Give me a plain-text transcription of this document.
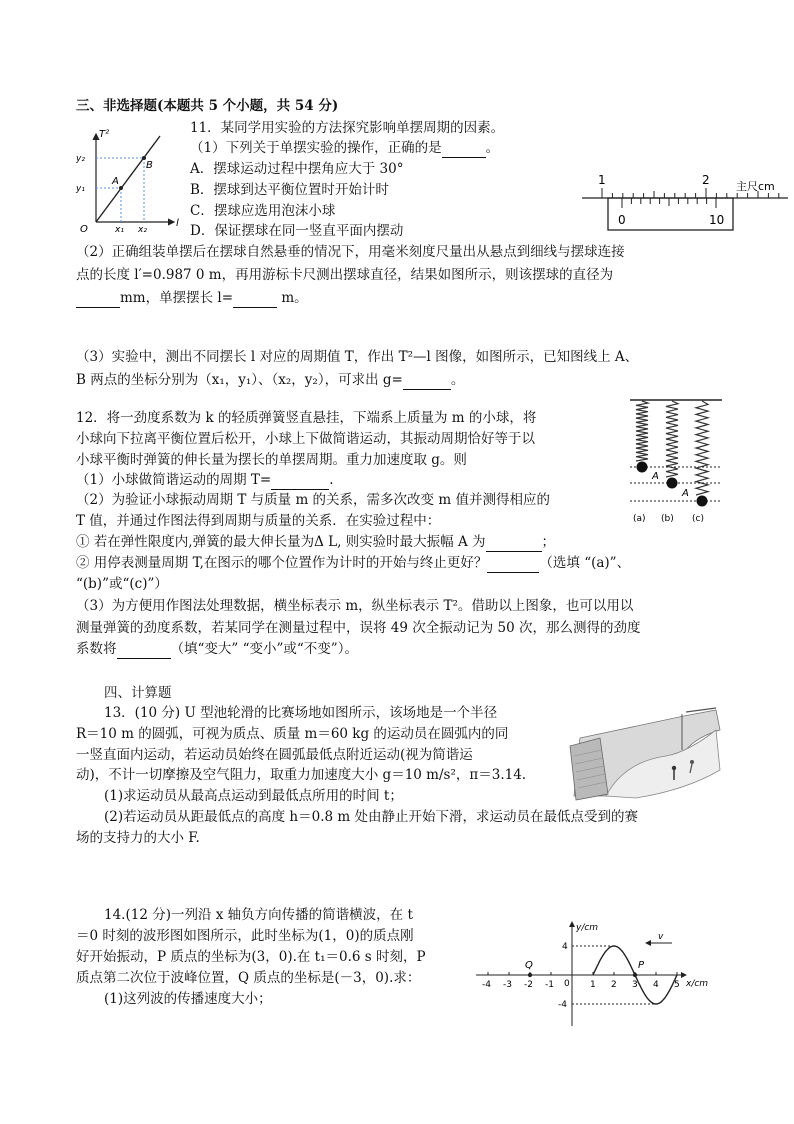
三、非选择题(本题共 5 个小题，共 54 分)
T²
l
O
y₂
y₁
x₁ x₂
A
B
11．某同学用实验的方法探究影响单摆周期的因素。
（1）下列关于单摆实验的操作，正确的是	。
A．摆球运动过程中摆角应大于 30°
B．摆球到达平衡位置时开始计时
C．摆球应选用泡沫小球
D．保证摆球在同一竖直平面内摆动
1	2 主尺cm
0	10
（2）正确组装单摆后在摆球自然悬垂的情况下，用毫米刻度尺量出从悬点到细线与摆球连接
点的长度 l′=0.987 0 m，再用游标卡尺测出摆球直径，结果如图所示，则该摆球的直径为
mm，单摆摆长 l=	m。
（3）实验中，测出不同摆长 l 对应的周期值 T，作出 T²—l 图像，如图所示，已知图线上 A、
B 两点的坐标分别为（x₁，y₁）、（x₂，y₂），可求出 g=	。
12．将一劲度系数为 k 的轻质弹簧竖直悬挂，下端系上质量为 m 的小球，将
小球向下拉离平衡位置后松开，小球上下做简谐运动，其振动周期恰好等于以
小球平衡时弹簧的伸长量为摆长的单摆周期。重力加速度取 g。则
（1）小球做简谐运动的周期 T=	.
（2）为验证小球振动周期 T 与质量 m 的关系，需多次改变 m 值并测得相应的
T 值，并通过作图法得到周期与质量的关系．在实验过程中：
① 若在弹性限度内,弹簧的最大伸长量为Δ L, 则实验时最大振幅 A 为	；
② 用停表测量周期 T,在图示的哪个位置作为计时的开始与终止更好？	（选填 “(a)”、
“(b)”或“(c)”）
（3）为方便用作图法处理数据，横坐标表示 m，纵坐标表示 T²。借助以上图象，也可以用以
测量弹簧的劲度系数，若某同学在测量过程中，误将 49 次全振动记为 50 次，那么测得的劲度
系数将	（填“变大” “变小”或“不变”）。
A
A
(a) (b) (c)
四、计算题
13．(10 分) U 型池轮滑的比赛场地如图所示，该场地是一个半径
R＝10 m 的圆弧，可视为质点、质量 m＝60 kg 的运动员在圆弧内的同
一竖直面内运动，若运动员始终在圆弧最低点附近运动(视为简谐运
动)，不计一切摩擦及空气阻力，取重力加速度大小 g＝10 m/s²，π＝3.14.
(1)求运动员从最高点运动到最低点所用的时间 t；
(2)若运动员从距最低点的高度 h＝0.8 m 处由静止开始下滑，求运动员在最低点受到的赛
场的支持力的大小 F.
14.(12 分)一列沿 x 轴负方向传播的简谐横波，在 t
＝0 时刻的波形图如图所示，此时坐标为(1，0)的质点刚
好开始振动，P 质点的坐标为(3，0).在 t₁＝0.6 s 时刻，P
质点第二次位于波峰位置，Q 质点的坐标是(－3，0).求：
(1)这列波的传播速度大小；
y/cm
x/cm
0
4
-4
-4 -3 -2 -1	1 2 3 4 5
Q	P
v
